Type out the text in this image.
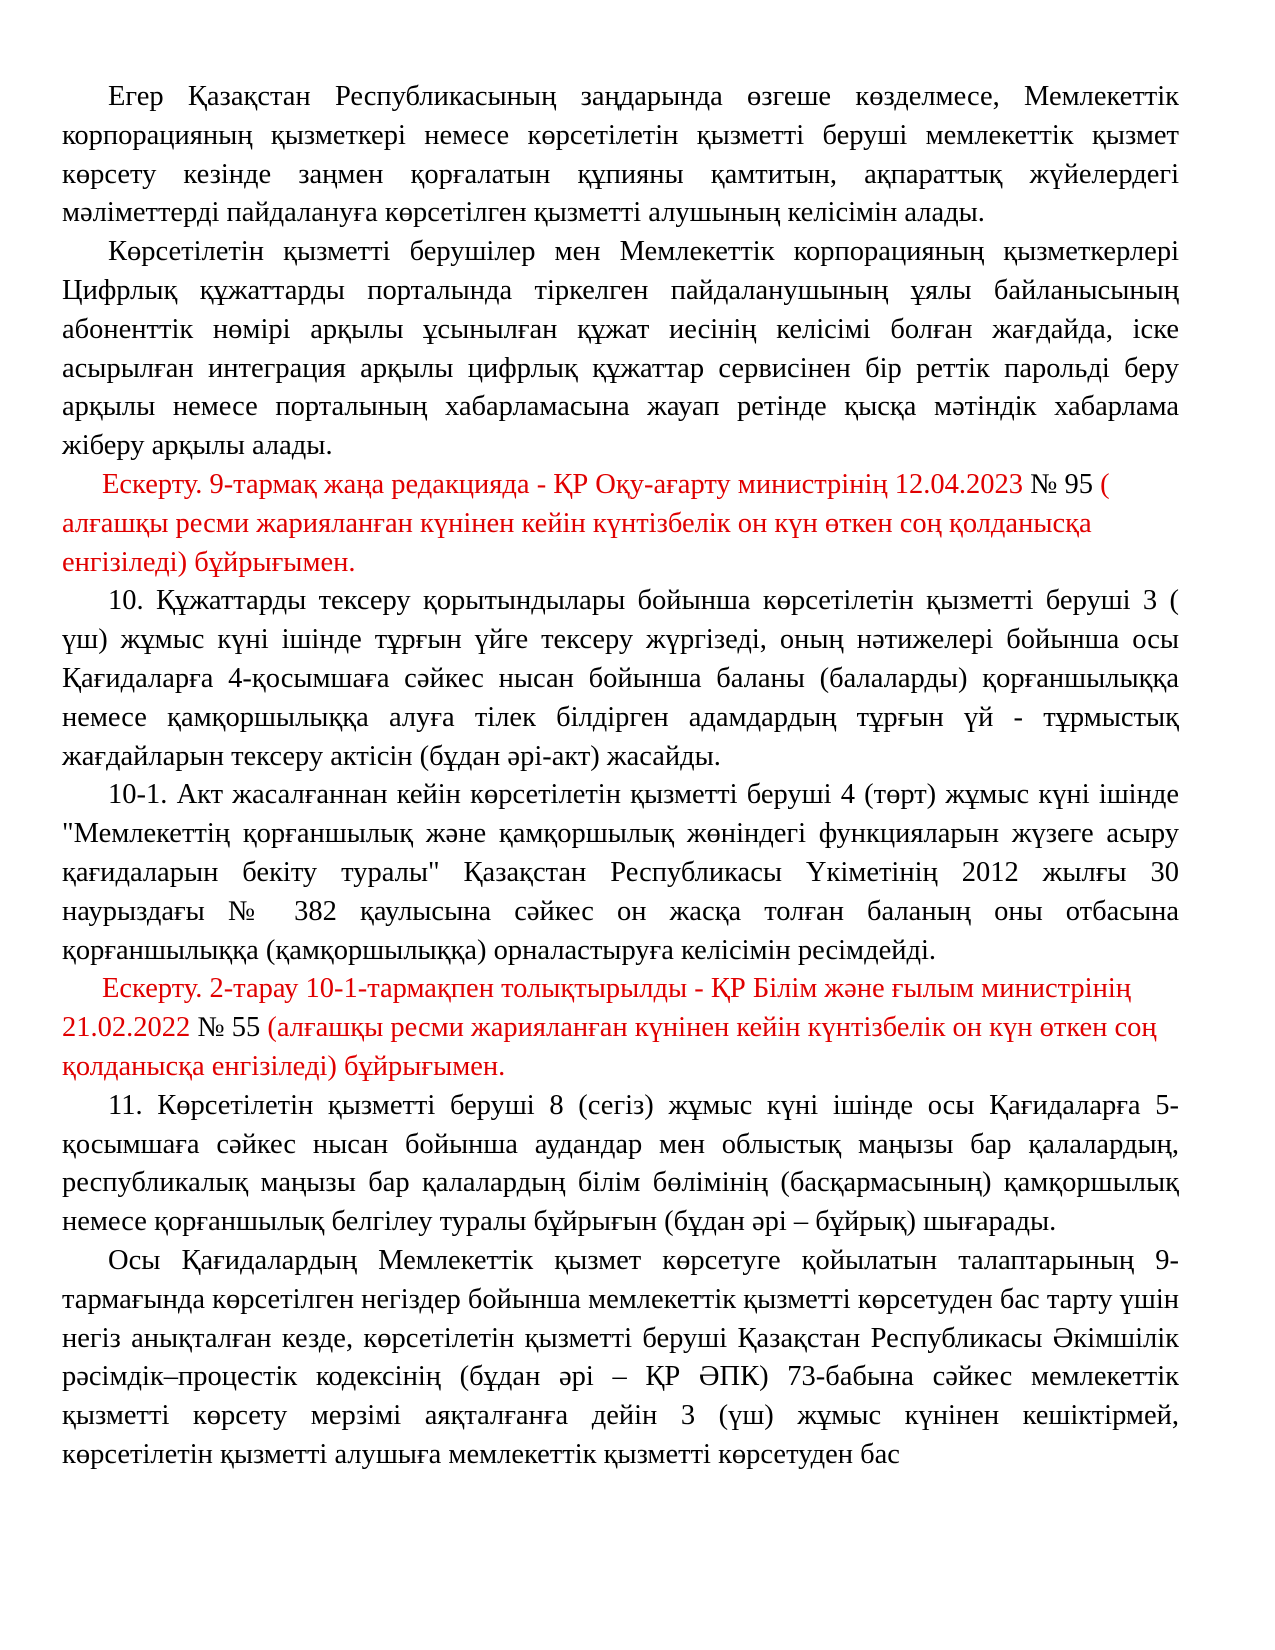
Егер Қазақстан Республикасының заңдарында өзгеше көзделмесе, Мемлекеттік корпорацияның қызметкері немесе көрсетілетін қызметті беруші мемлекеттік қызмет көрсету кезінде заңмен қорғалатын құпияны қамтитын, ақпараттық жүйелердегі мәліметтерді пайдалануға көрсетілген қызметті алушының келісімін алады.

Көрсетілетін қызметті берушілер мен Мемлекеттік корпорацияның қызметкерлері Цифрлық құжаттарды порталында тіркелген пайдаланушының ұялы байланысының абоненттік нөмірі арқылы ұсынылған құжат иесінің келісімі болған жағдайда, іске асырылған интеграция арқылы цифрлық құжаттар сервисінен бір реттік парольді беру арқылы немесе порталының хабарламасына жауап ретінде қысқа мәтіндік хабарлама жіберу арқылы алады.

Ескерту. 9-тармақ жаңа редакцияда - ҚР Оқу-ағарту министрінің 12.04.2023 № 95 ( алғашқы ресми жарияланған күнінен кейін күнтізбелік он күн өткен соң қолданысқа енгізіледі) бұйрығымен.

10. Құжаттарды тексеру қорытындылары бойынша көрсетілетін қызметті беруші 3 ( үш) жұмыс күні ішінде тұрғын үйге тексеру жүргізеді, оның нәтижелері бойынша осы Қағидаларға 4-қосымшаға сәйкес нысан бойынша баланы (балаларды) қорғаншылыққа немесе қамқоршылыққа алуға тілек білдірген адамдардың тұрғын үй - тұрмыстық жағдайларын тексеру актісін (бұдан әрі-акт) жасайды.

10-1. Акт жасалғаннан кейін көрсетілетін қызметті беруші 4 (төрт) жұмыс күні ішінде "Мемлекеттің қорғаншылық және қамқоршылық жөніндегі функцияларын жүзеге асыру қағидаларын бекіту туралы" Қазақстан Республикасы Үкіметінің 2012 жылғы 30 наурыздағы № 382 қаулысына сәйкес он жасқа толған баланың оны отбасына қорғаншылыққа (қамқоршылыққа) орналастыруға келісімін ресімдейді.

Ескерту. 2-тарау 10-1-тармақпен толықтырылды - ҚР Білім және ғылым министрінің 21.02.2022 № 55 (алғашқы ресми жарияланған күнінен кейін күнтізбелік он күн өткен соң қолданысқа енгізіледі) бұйрығымен.

11. Көрсетілетін қызметті беруші 8 (сегіз) жұмыс күні ішінде осы Қағидаларға 5-қосымшаға сәйкес нысан бойынша аудандар мен облыстық маңызы бар қалалардың, республикалық маңызы бар қалалардың білім бөлімінің (басқармасының) қамқоршылық немесе қорғаншылық белгілеу туралы бұйрығын (бұдан әрі – бұйрық) шығарады.

Осы Қағидалардың Мемлекеттік қызмет көрсетуге қойылатын талаптарының 9-тармағында көрсетілген негіздер бойынша мемлекеттік қызметті көрсетуден бас тарту үшін негіз анықталған кезде, көрсетілетін қызметті беруші Қазақстан Республикасы Әкімшілік рәсімдік–процестік кодексінің (бұдан әрі – ҚР ӘПК) 73-бабына сәйкес мемлекеттік қызметті көрсету мерзімі аяқталғанға дейін 3 (үш) жұмыс күнінен кешіктірмей, көрсетілетін қызметті алушыға мемлекеттік қызметті көрсетуден бас
